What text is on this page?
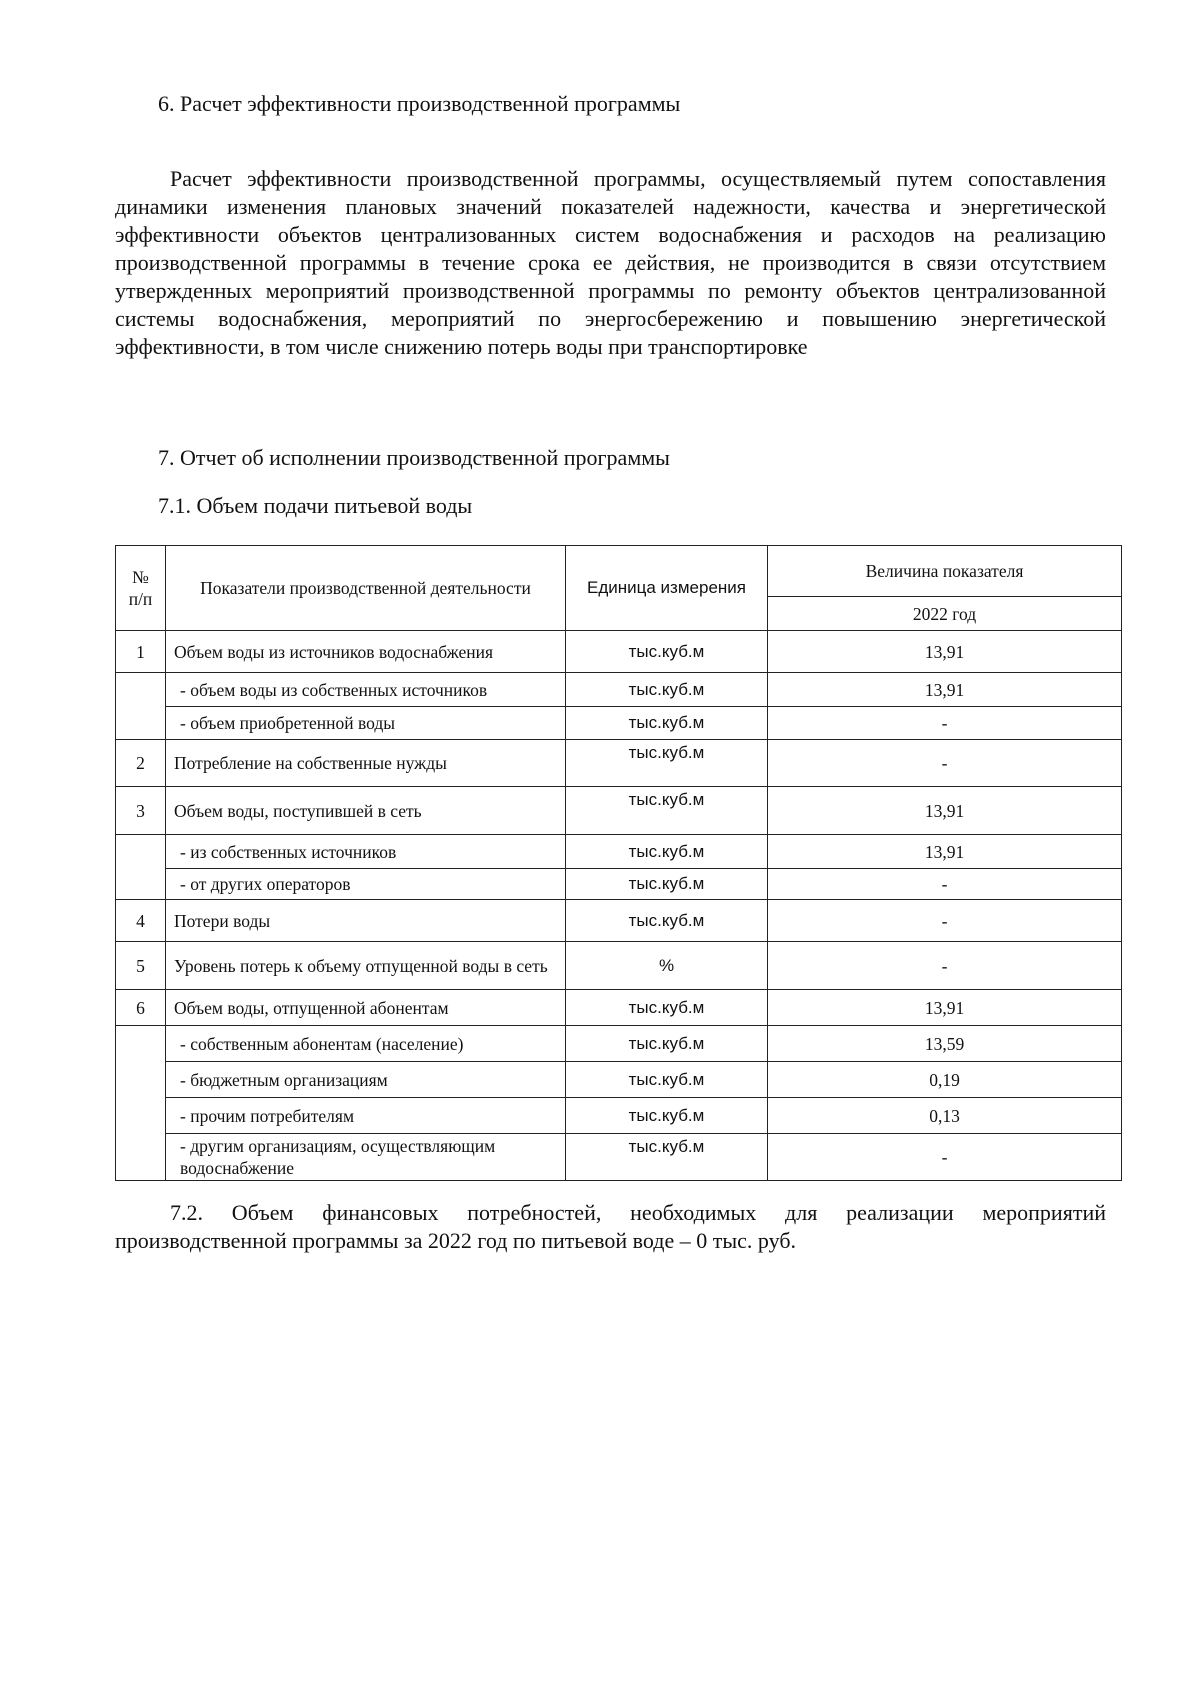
6. Расчет эффективности производственной программы
Расчет эффективности производственной программы, осуществляемый путем сопоставления динамики изменения плановых значений показателей надежности, качества и энергетической эффективности объектов централизованных систем водоснабжения и расходов на реализацию производственной программы в течение срока ее действия, не производится в связи отсутствием утвержденных мероприятий производственной программы по ремонту объектов централизованной системы водоснабжения, мероприятий по энергосбережению и повышению энергетической эффективности, в том числе снижению потерь воды при транспортировке
7. Отчет об исполнении производственной программы
7.1. Объем подачи питьевой воды
№ п/п	Показатели производственной деятельности	Единица измерения	Величина показателя
			2022 год
1	Объем воды из источников водоснабжения	тыс.куб.м	13,91
	- объем воды из собственных источников	тыс.куб.м	13,91
	- объем приобретенной воды	тыс.куб.м	-
2	Потребление на собственные нужды	тыс.куб.м	-
3	Объем воды, поступившей в сеть	тыс.куб.м	13,91
	- из собственных источников	тыс.куб.м	13,91
	- от других операторов	тыс.куб.м	-
4	Потери воды	тыс.куб.м	-
5	Уровень потерь к объему отпущенной воды в сеть	%	-
6	Объем воды, отпущенной абонентам	тыс.куб.м	13,91
	- собственным абонентам (население)	тыс.куб.м	13,59
	- бюджетным организациям	тыс.куб.м	0,19
	- прочим потребителям	тыс.куб.м	0,13
	- другим организациям, осуществляющим водоснабжение	тыс.куб.м	-
7.2. Объем финансовых потребностей, необходимых для реализации мероприятий производственной программы за 2022 год по питьевой воде – 0 тыс. руб.
